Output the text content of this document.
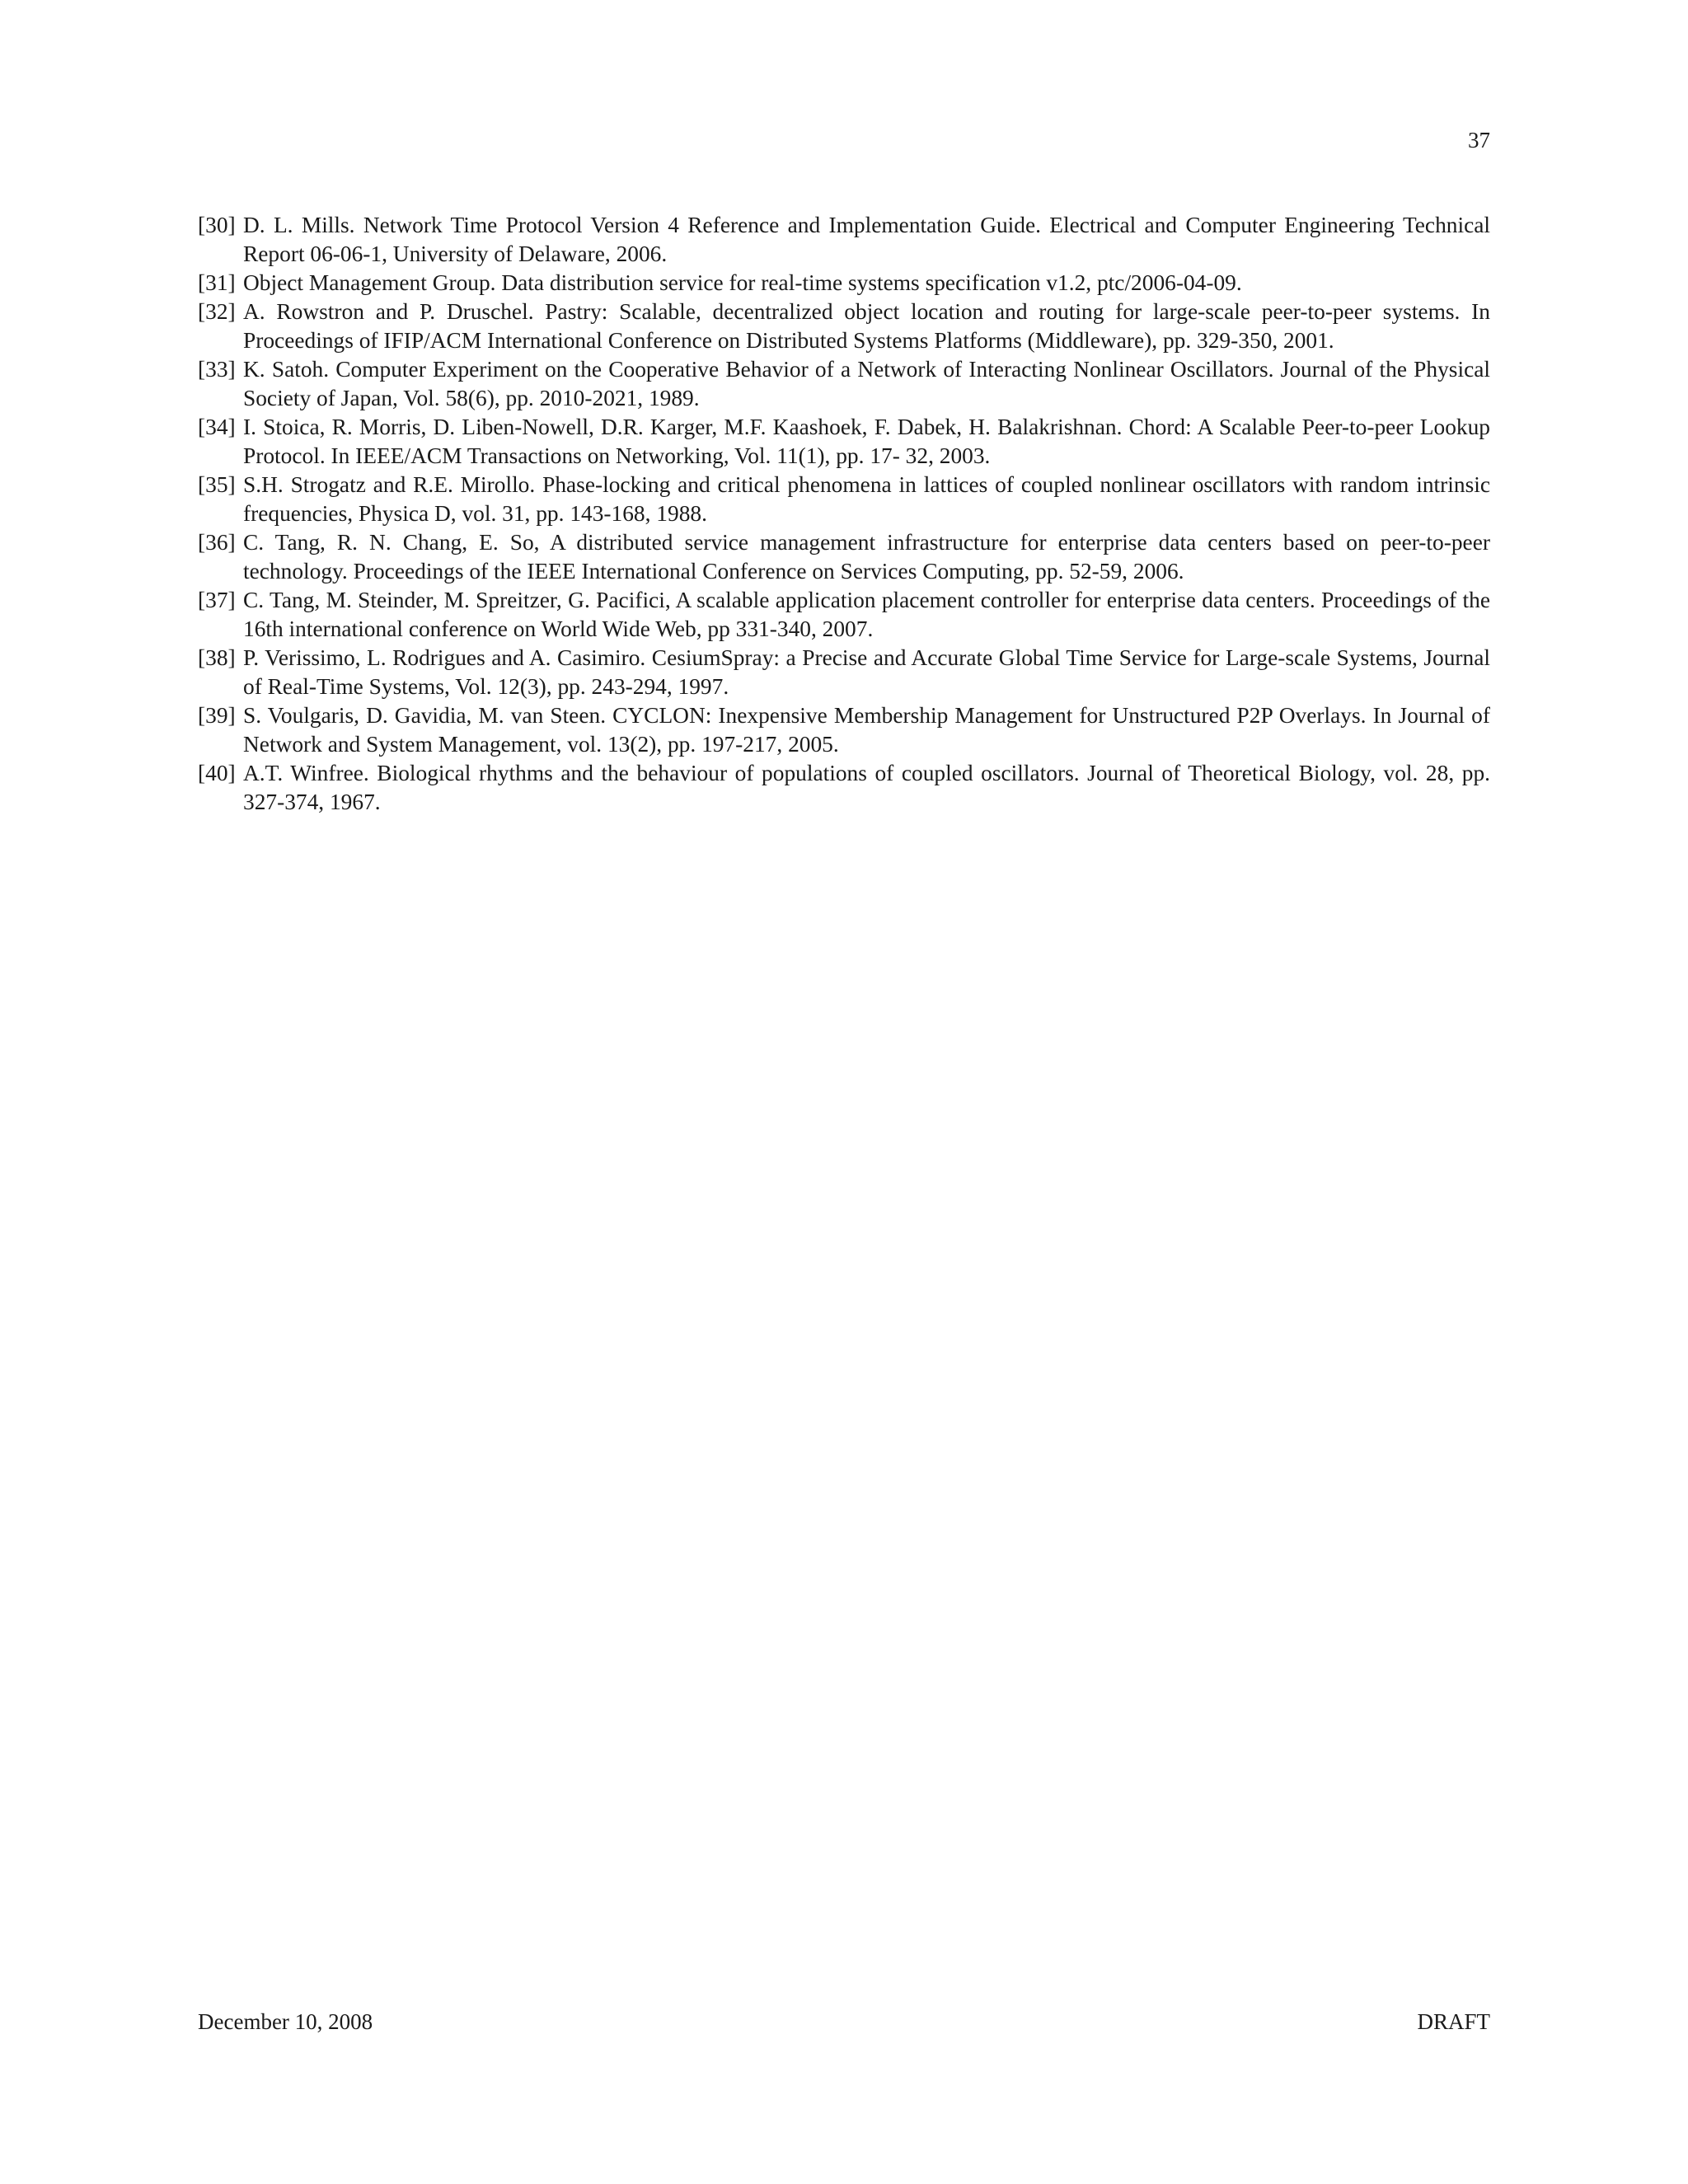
37
[30] D. L. Mills. Network Time Protocol Version 4 Reference and Implementation Guide. Electrical and Computer Engineering Technical Report 06-06-1, University of Delaware, 2006.
[31] Object Management Group. Data distribution service for real-time systems specification v1.2, ptc/2006-04-09.
[32] A. Rowstron and P. Druschel. Pastry: Scalable, decentralized object location and routing for large-scale peer-to-peer systems. In Proceedings of IFIP/ACM International Conference on Distributed Systems Platforms (Middleware), pp. 329-350, 2001.
[33] K. Satoh. Computer Experiment on the Cooperative Behavior of a Network of Interacting Nonlinear Oscillators. Journal of the Physical Society of Japan, Vol. 58(6), pp. 2010-2021, 1989.
[34] I. Stoica, R. Morris, D. Liben-Nowell, D.R. Karger, M.F. Kaashoek, F. Dabek, H. Balakrishnan. Chord: A Scalable Peer-to-peer Lookup Protocol. In IEEE/ACM Transactions on Networking, Vol. 11(1), pp. 17- 32, 2003.
[35] S.H. Strogatz and R.E. Mirollo. Phase-locking and critical phenomena in lattices of coupled nonlinear oscillators with random intrinsic frequencies, Physica D, vol. 31, pp. 143-168, 1988.
[36] C. Tang, R. N. Chang, E. So, A distributed service management infrastructure for enterprise data centers based on peer-to-peer technology. Proceedings of the IEEE International Conference on Services Computing, pp. 52-59, 2006.
[37] C. Tang, M. Steinder, M. Spreitzer, G. Pacifici, A scalable application placement controller for enterprise data centers. Proceedings of the 16th international conference on World Wide Web, pp 331-340, 2007.
[38] P. Verissimo, L. Rodrigues and A. Casimiro. CesiumSpray: a Precise and Accurate Global Time Service for Large-scale Systems, Journal of Real-Time Systems, Vol. 12(3), pp. 243-294, 1997.
[39] S. Voulgaris, D. Gavidia, M. van Steen. CYCLON: Inexpensive Membership Management for Unstructured P2P Overlays. In Journal of Network and System Management, vol. 13(2), pp. 197-217, 2005.
[40] A.T. Winfree. Biological rhythms and the behaviour of populations of coupled oscillators. Journal of Theoretical Biology, vol. 28, pp. 327-374, 1967.
December 10, 2008	DRAFT
